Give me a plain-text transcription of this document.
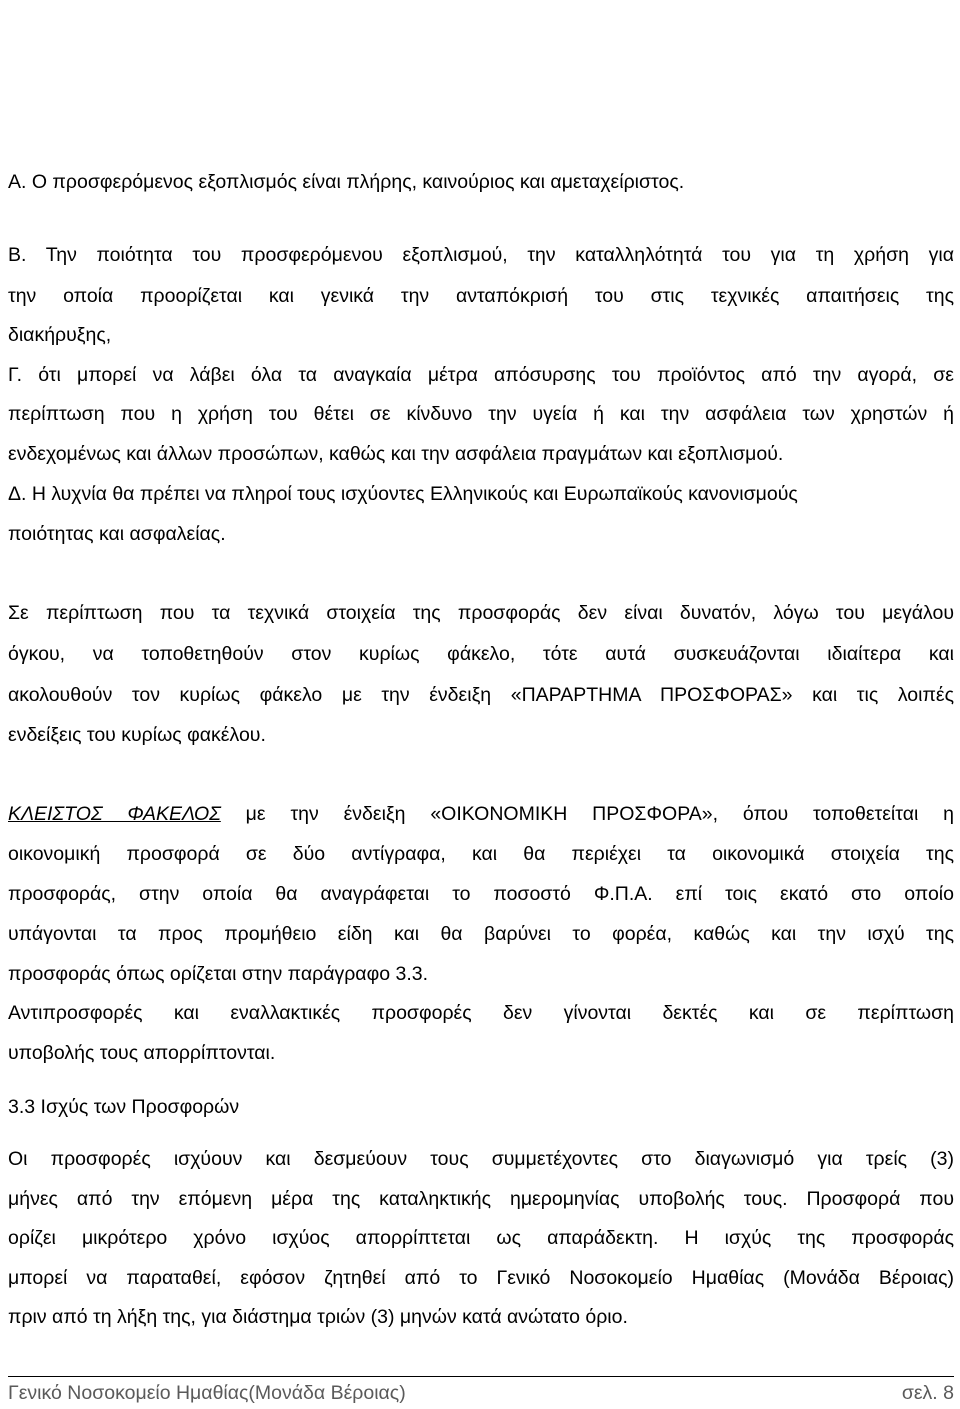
Α. Ο προσφερόμενος εξοπλισμός είναι πλήρης, καινούριος και αμεταχείριστος.

Β. Την ποιότητα του προσφερόμενου εξοπλισμού, την καταλληλότητά του για τη χρήση για

την οποία προορίζεται και γενικά την ανταπόκρισή του στις τεχνικές απαιτήσεις της

διακήρυξης,

Γ. ότι μπορεί να λάβει όλα τα αναγκαία μέτρα απόσυρσης του προϊόντος από την αγορά, σε

περίπτωση που η χρήση του θέτει σε κίνδυνο την υγεία ή και την ασφάλεια των χρηστών ή

ενδεχομένως και άλλων προσώπων, καθώς και την ασφάλεια πραγμάτων και εξοπλισμού.

Δ. Η λυχνία θα πρέπει να πληροί τους ισχύοντες Ελληνικούς και Ευρωπαϊκούς κανονισμούς

ποιότητας και ασφαλείας.

Σε περίπτωση που τα τεχνικά στοιχεία της προσφοράς δεν είναι δυνατόν, λόγω του μεγάλου

όγκου, να τοποθετηθούν στον κυρίως φάκελο, τότε αυτά συσκευάζονται ιδιαίτερα και

ακολουθούν τον κυρίως φάκελο με την ένδειξη «ΠΑΡΑΡΤΗΜΑ ΠΡΟΣΦΟΡΑΣ» και τις λοιπές

ενδείξεις του κυρίως φακέλου.

ΚΛΕΙΣΤΟΣ ΦΑΚΕΛΟΣ με την ένδειξη «ΟΙΚΟΝΟΜΙΚΗ ΠΡΟΣΦΟΡΑ», όπου τοποθετείται η

οικονομική προσφορά σε δύο αντίγραφα, και θα περιέχει τα οικονομικά στοιχεία της

προσφοράς, στην οποία θα αναγράφεται το ποσοστό Φ.Π.Α. επί τοις εκατό στο οποίο

υπάγονται τα προς προμήθειο είδη και θα βαρύνει το φορέα, καθώς και την ισχύ της

προσφοράς όπως ορίζεται στην παράγραφο 3.3.

Αντιπροσφορές και εναλλακτικές προσφορές δεν γίνονται δεκτές και σε περίπτωση

υποβολής τους απορρίπτονται.

3.3 Ισχύς των Προσφορών

Οι προσφορές ισχύουν και δεσμεύουν τους συμμετέχοντες στο διαγωνισμό για τρείς (3)

μήνες από την επόμενη μέρα της καταληκτικής ημερομηνίας υποβολής τους. Προσφορά που

ορίζει μικρότερο χρόνο ισχύος απορρίπτεται ως απαράδεκτη. Η ισχύς της προσφοράς

μπορεί να παραταθεί, εφόσον ζητηθεί από το Γενικό Νοσοκομείο Ημαθίας (Μονάδα Βέροιας)

πριν από τη λήξη της, για διάστημα τριών (3) μηνών κατά ανώτατο όριο.

Γενικό Νοσοκομείο Ημαθίας(Μονάδα Βέροιας)	σελ. 8
